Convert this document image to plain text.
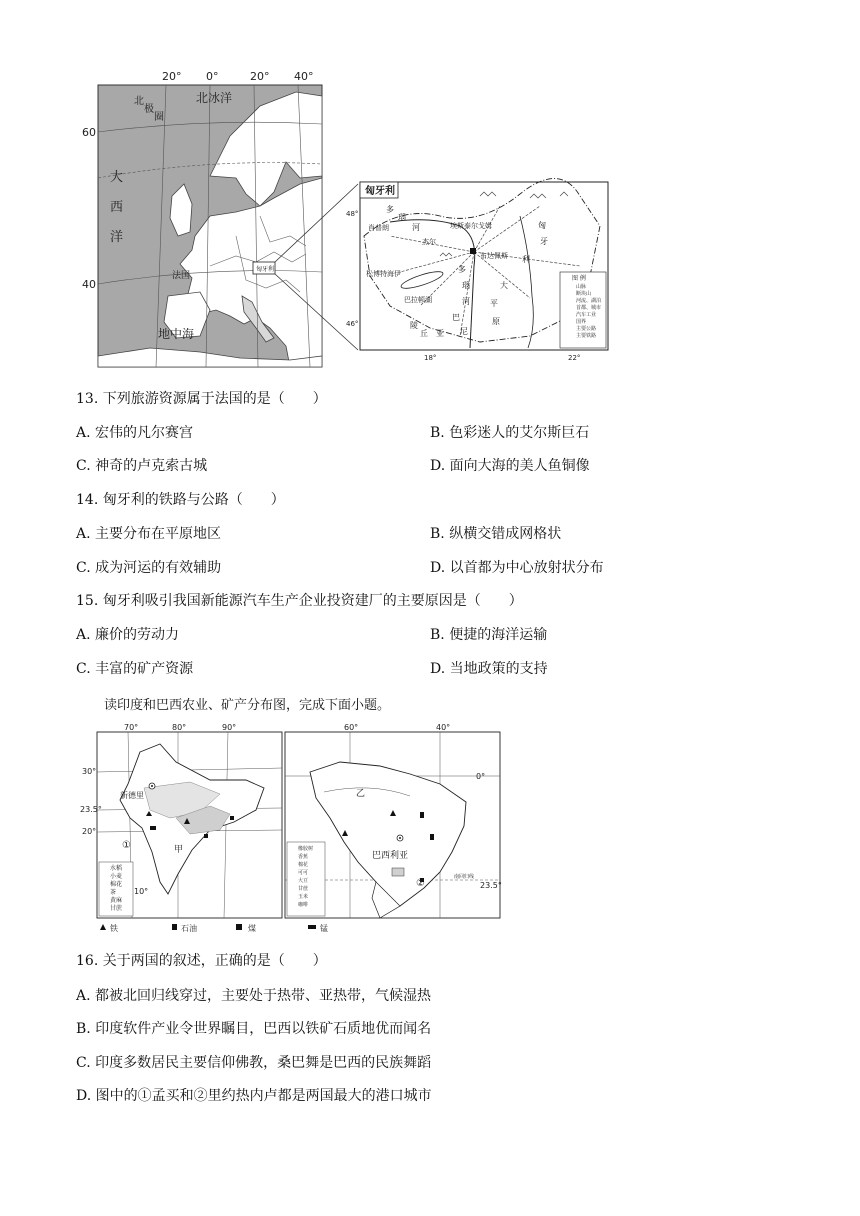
20° 0°	20° 40°
60
40
北冰洋
北
极
圈
大
西
洋
法国
匈牙利
地中海
匈牙利
48°
46°
18°	22°
肖普朗	埃斯泰尔戈姆
杰尔
布达佩斯
松博特海伊
巴拉顿湖
多
瑙
河	匈
牙
利
大
平
原
多
瑙
河
丘	尼
巴
陵
亚
图 例
山脉
断块山
河流、湖泊
首都、城市
汽车工业
国界
主要公路
主要铁路
13. 下列旅游资源属于法国的是（　　）
A. 宏伟的凡尔赛宫	B. 色彩迷人的艾尔斯巨石
C. 神奇的卢克索古城	D. 面向大海的美人鱼铜像
14. 匈牙利的铁路与公路（　　）
A. 主要分布在平原地区	B. 纵横交错成网格状
C. 成为河运的有效辅助	D. 以首都为中心放射状分布
15. 匈牙利吸引我国新能源汽车生产企业投资建厂的主要原因是（　　）
A. 廉价的劳动力	B. 便捷的海洋运输
C. 丰富的矿产资源	D. 当地政策的支持
读印度和巴西农业、矿产分布图，完成下面小题。
70°	80°	90°
30°
23.5°
20°
10°
新德里
甲
①
水稻
小麦
棉花
茶
黄麻
甘蔗
60°	40°
0°
23.5°
巴西利亚
乙
②
南回归线
橡胶树
香蕉
棉花
可可
大豆
甘蔗
玉米
咖啡
铁	石油	煤	锰
16. 关于两国的叙述，正确的是（　　）
A. 都被北回归线穿过，主要处于热带、亚热带，气候湿热
B. 印度软件产业令世界瞩目，巴西以铁矿石质地优而闻名
C. 印度多数居民主要信仰佛教，桑巴舞是巴西的民族舞蹈
D. 图中的①孟买和②里约热内卢都是两国最大的港口城市
